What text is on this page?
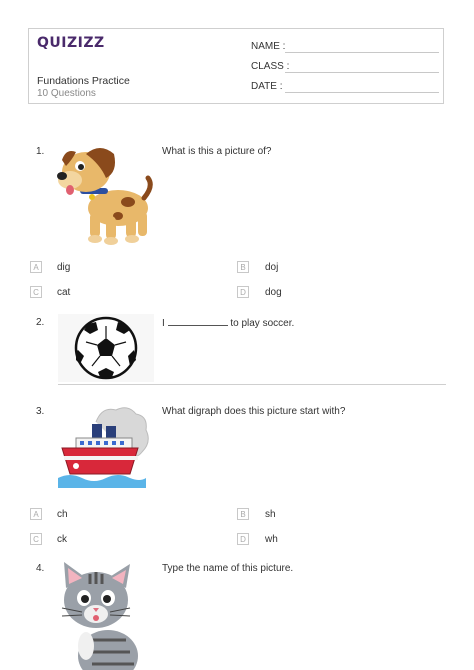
QUIZIZZ
Fundations Practice
10 Questions
NAME :
CLASS :
DATE :
1.	What is this a picture of?
A	dig	B	doj
C	cat	D	dog
2.	I	to play soccer.
3.	What digraph does this picture start with?
A	ch	B	sh
C	ck	D	wh
4.	Type the name of this picture.
